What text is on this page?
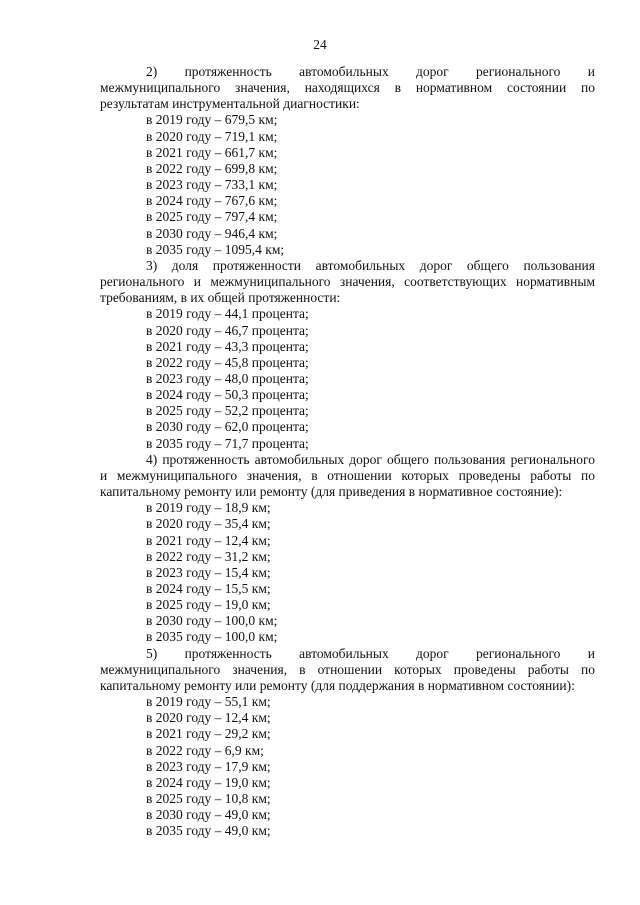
24

2) протяженность автомобильных дорог регионального и межмуниципального значения, находящихся в нормативном состоянии по результатам инструментальной диагностики:

в 2019 году – 679,5 км;
в 2020 году – 719,1 км;
в 2021 году – 661,7 км;
в 2022 году – 699,8 км;
в 2023 году – 733,1 км;
в 2024 году – 767,6 км;
в 2025 году – 797,4 км;
в 2030 году – 946,4 км;
в 2035 году – 1095,4 км;

3) доля протяженности автомобильных дорог общего пользования регионального и межмуниципального значения, соответствующих нормативным требованиям, в их общей протяженности:

в 2019 году – 44,1 процента;
в 2020 году – 46,7 процента;
в 2021 году – 43,3 процента;
в 2022 году – 45,8 процента;
в 2023 году – 48,0 процента;
в 2024 году – 50,3 процента;
в 2025 году – 52,2 процента;
в 2030 году – 62,0 процента;
в 2035 году – 71,7 процента;

4) протяженность автомобильных дорог общего пользования регионального и межмуниципального значения, в отношении которых проведены работы по капитальному ремонту или ремонту (для приведения в нормативное состояние):

в 2019 году – 18,9 км;
в 2020 году – 35,4 км;
в 2021 году – 12,4 км;
в 2022 году – 31,2 км;
в 2023 году – 15,4 км;
в 2024 году – 15,5 км;
в 2025 году – 19,0 км;
в 2030 году – 100,0 км;
в 2035 году – 100,0 км;

5) протяженность автомобильных дорог регионального и межмуниципального значения, в отношении которых проведены работы по капитальному ремонту или ремонту (для поддержания в нормативном состоянии):

в 2019 году – 55,1 км;
в 2020 году – 12,4 км;
в 2021 году – 29,2 км;
в 2022 году – 6,9 км;
в 2023 году – 17,9 км;
в 2024 году – 19,0 км;
в 2025 году – 10,8 км;
в 2030 году – 49,0 км;
в 2035 году – 49,0 км;
